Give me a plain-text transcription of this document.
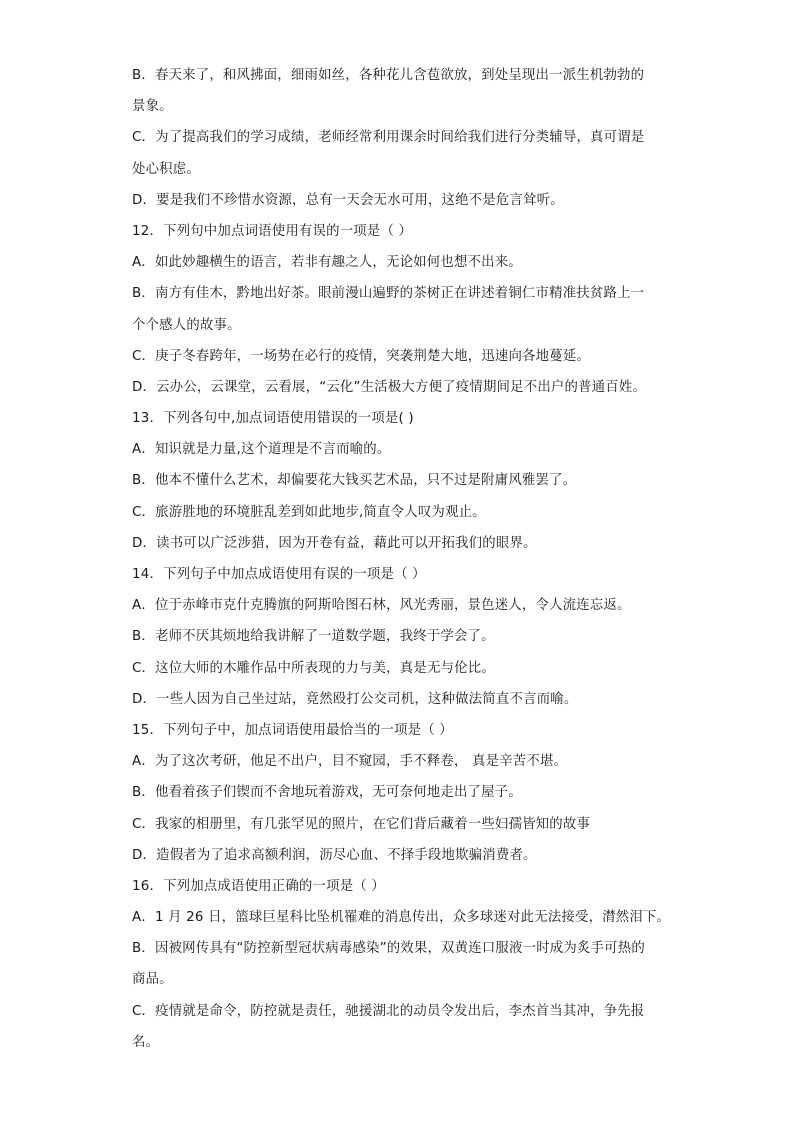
B．春天来了，和风拂面，细雨如丝，各种花儿含苞欲放，到处呈现出一派生机勃勃的
景象。
C．为了提高我们的学习成绩，老师经常利用课余时间给我们进行分类辅导，真可谓是
处心积虑。
D．要是我们不珍惜水资源，总有一天会无水可用，这绝不是危言耸听。
12．下列句中加点词语使用有误的一项是（ ）
A．如此妙趣横生的语言，若非有趣之人，无论如何也想不出来。
B．南方有佳木，黔地出好茶。眼前漫山遍野的茶树正在讲述着铜仁市精准扶贫路上一
个个感人的故事。
C．庚子冬春跨年，一场势在必行的疫情，突袭荆楚大地，迅速向各地蔓延。
D．云办公，云课堂，云看展，“云化”生活极大方便了疫情期间足不出户的普通百姓。
13．下列各句中,加点词语使用错误的一项是( )
A．知识就是力量,这个道理是不言而喻的。
B．他本不懂什么艺术，却偏要花大钱买艺术品，只不过是附庸风雅罢了。
C．旅游胜地的环境脏乱差到如此地步,简直令人叹为观止。
D．读书可以广泛涉猎，因为开卷有益，藉此可以开拓我们的眼界。
14．下列句子中加点成语使用有误的一项是（ ）
A．位于赤峰市克什克腾旗的阿斯哈图石林，风光秀丽，景色迷人，令人流连忘返。
B．老师不厌其烦地给我讲解了一道数学题，我终于学会了。
C．这位大师的木雕作品中所表现的力与美，真是无与伦比。
D．一些人因为自己坐过站，竟然殴打公交司机，这种做法简直不言而喻。
15．下列句子中，加点词语使用最恰当的一项是（ ）
A．为了这次考研，他足不出户，目不窥园，手不释卷， 真是辛苦不堪。
B．他看着孩子们锲而不舍地玩着游戏，无可奈何地走出了屋子。
C．我家的相册里，有几张罕见的照片，在它们背后藏着一些妇孺皆知的故事
D．造假者为了追求高额利润，沥尽心血、不择手段地欺骗消费者。
16．下列加点成语使用正确的一项是（ ）
A．1 月 26 日，篮球巨星科比坠机罹难的消息传出，众多球迷对此无法接受，潸然泪下。
B．因被网传具有“防控新型冠状病毒感染”的效果，双黄连口服液一时成为炙手可热的
商品。
C．疫情就是命令，防控就是责任，驰援湖北的动员令发出后，李杰首当其冲，争先报
名。
